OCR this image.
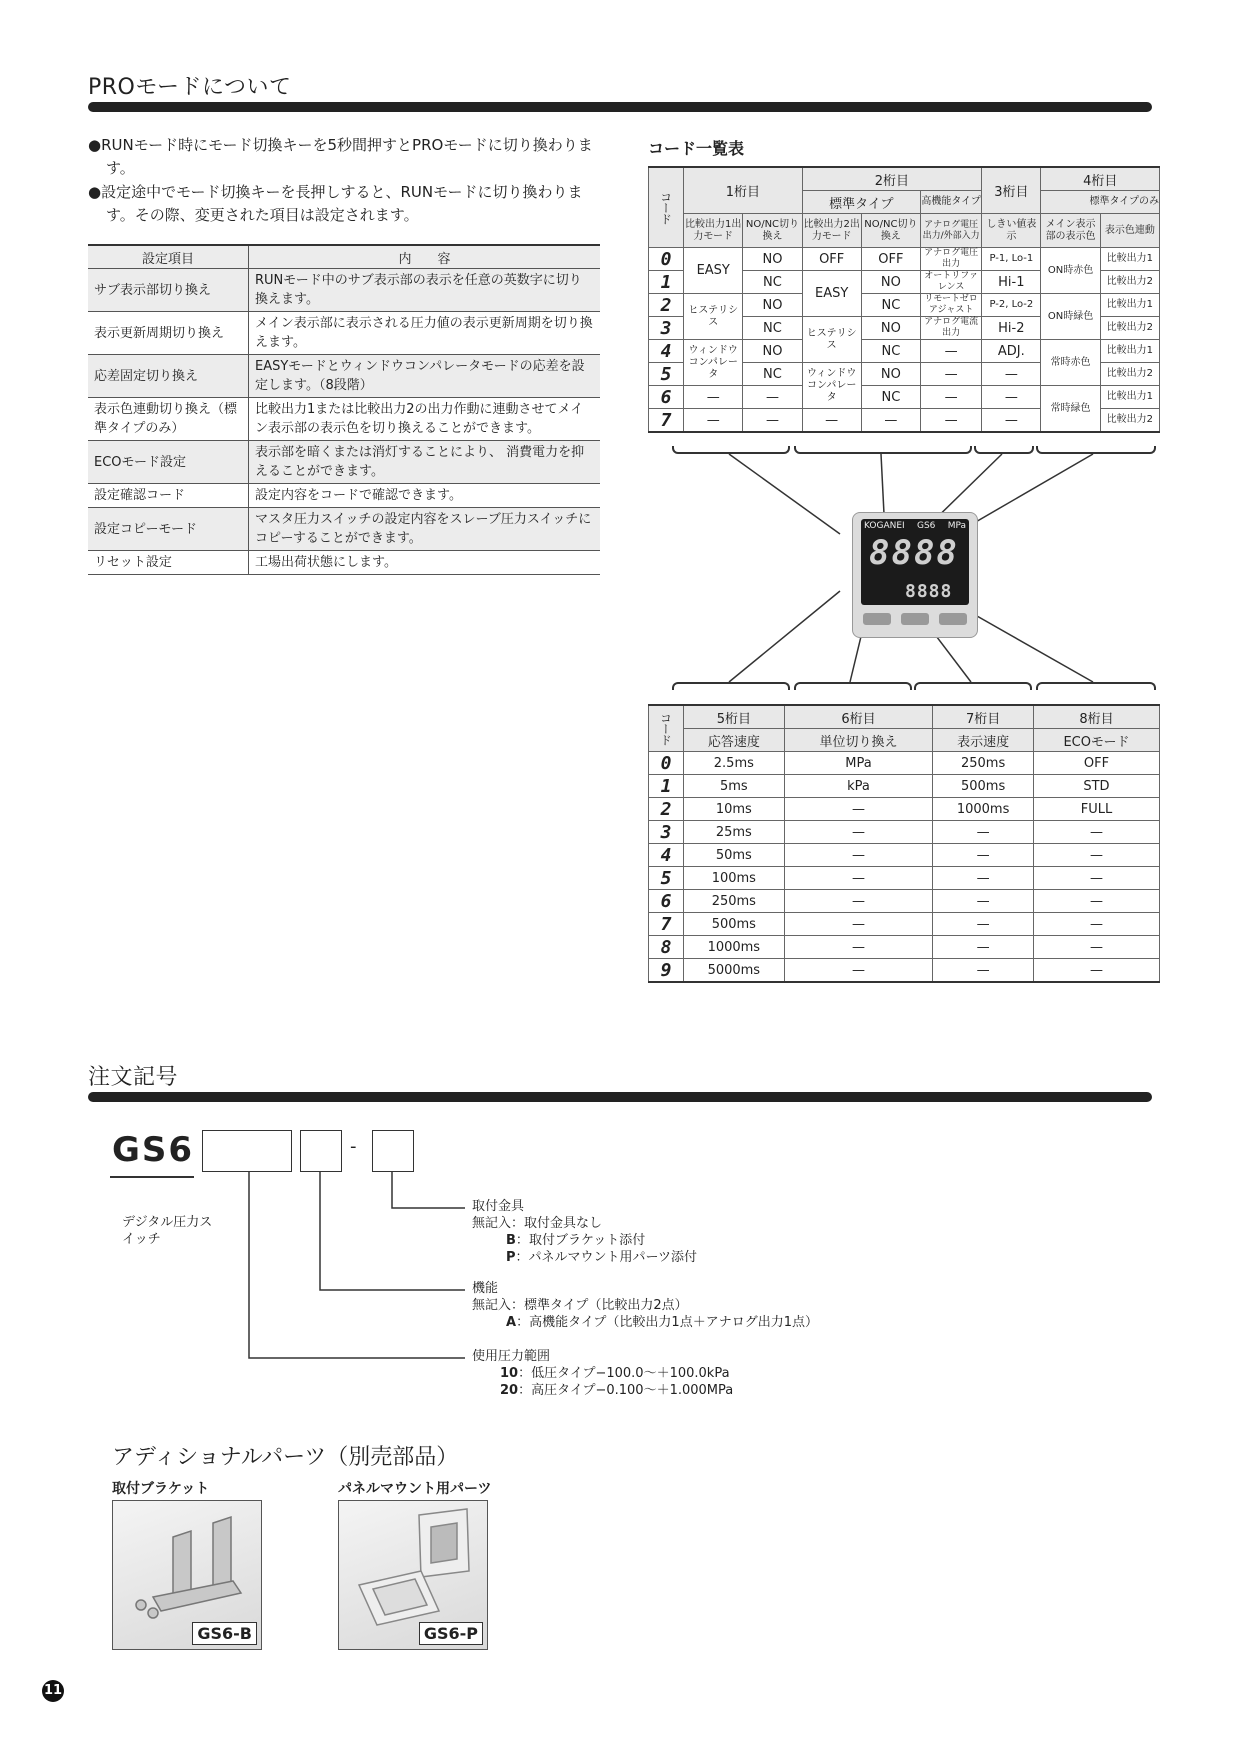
PROモードについて

●RUNモード時にモード切換キーを5秒間押すとPROモードに切り換わります。

●設定途中でモード切換キーを長押しすると、RUNモードに切り換わります。その際、変更された項目は設定されます。

設定項目	内　　容
サブ表示部切り換え	RUNモード中のサブ表示部の表示を任意の英数字に切り換えます。
表示更新周期切り換え	メイン表示部に表示される圧力値の表示更新周期を切り換えます。
応差固定切り換え	EASYモードとウィンドウコンパレータモードの応差を設定します。（8段階）
表示色連動切り換え（標準タイプのみ）	比較出力1または比較出力2の出力作動に連動させてメイン表示部の表示色を切り換えることができます。
ECOモード設定	表示部を暗くまたは消灯することにより、 消費電力を抑えることができます。
設定確認コード	設定内容をコードで確認できます。
設定コピーモード	マスタ圧力スイッチの設定内容をスレーブ圧力スイッチにコピーすることができます。
リセット設定	工場出荷状態にします。
コード一覧表
コード	1桁目		2桁目			3桁目	4桁目	
			標準タイプ		高機能タイプ		標準タイプのみ	
	比較出力1出力モード	NO/NC切り換え	比較出力2出力モード	NO/NC切り換え	アナログ電圧出力/外部入力	しきい値表示	メイン表示部の表示色	表示色連動
0	EASY	NO	OFF	OFF	アナログ電圧出力	P-1, Lo-1	ON時赤色	比較出力1
1		NC	EASY	NO	オートリファレンス	Hi-1		比較出力2
2	ヒステリシス	NO		NC	リモートゼロアジャスト	P-2, Lo-2	ON時緑色	比較出力1
3		NC	ヒステリシス	NO	アナログ電流出力	Hi-2		比較出力2
4	ウィンドウコンパレータ	NO		NC	—	ADJ.	常時赤色	比較出力1
5		NC	ウィンドウコンパレータ	NO	—	—		比較出力2
6	—	—		NC	—	—	常時緑色	比較出力1
7	—	—	—	—	—	—		比較出力2
KOGANEI GS6 MPa
8888
8888
コード	5桁目	6桁目	7桁目	8桁目
	応答速度	単位切り換え	表示速度	ECOモード
0	2.5ms	MPa	250ms	OFF
1	5ms	kPa	500ms	STD
2	10ms	—	1000ms	FULL
3	25ms	—	—	—
4	50ms	—	—	—
5	100ms	—	—	—
6	250ms	—	—	—
7	500ms	—	—	—
8	1000ms	—	—	—
9	5000ms	—	—	—
注文記号
GS6	-
デジタル圧力スイッチ
取付金具
無記入：取付金具なし
B：取付ブラケット添付
P：パネルマウント用パーツ添付
機能
無記入：標準タイプ（比較出力2点）
A：高機能タイプ（比較出力1点＋アナログ出力1点）
使用圧力範囲
10：低圧タイプ−100.0〜＋100.0kPa
20：高圧タイプ−0.100〜＋1.000MPa
アディショナルパーツ（別売部品）
取付ブラケット
GS6-B
パネルマウント用パーツ
GS6-P
11
